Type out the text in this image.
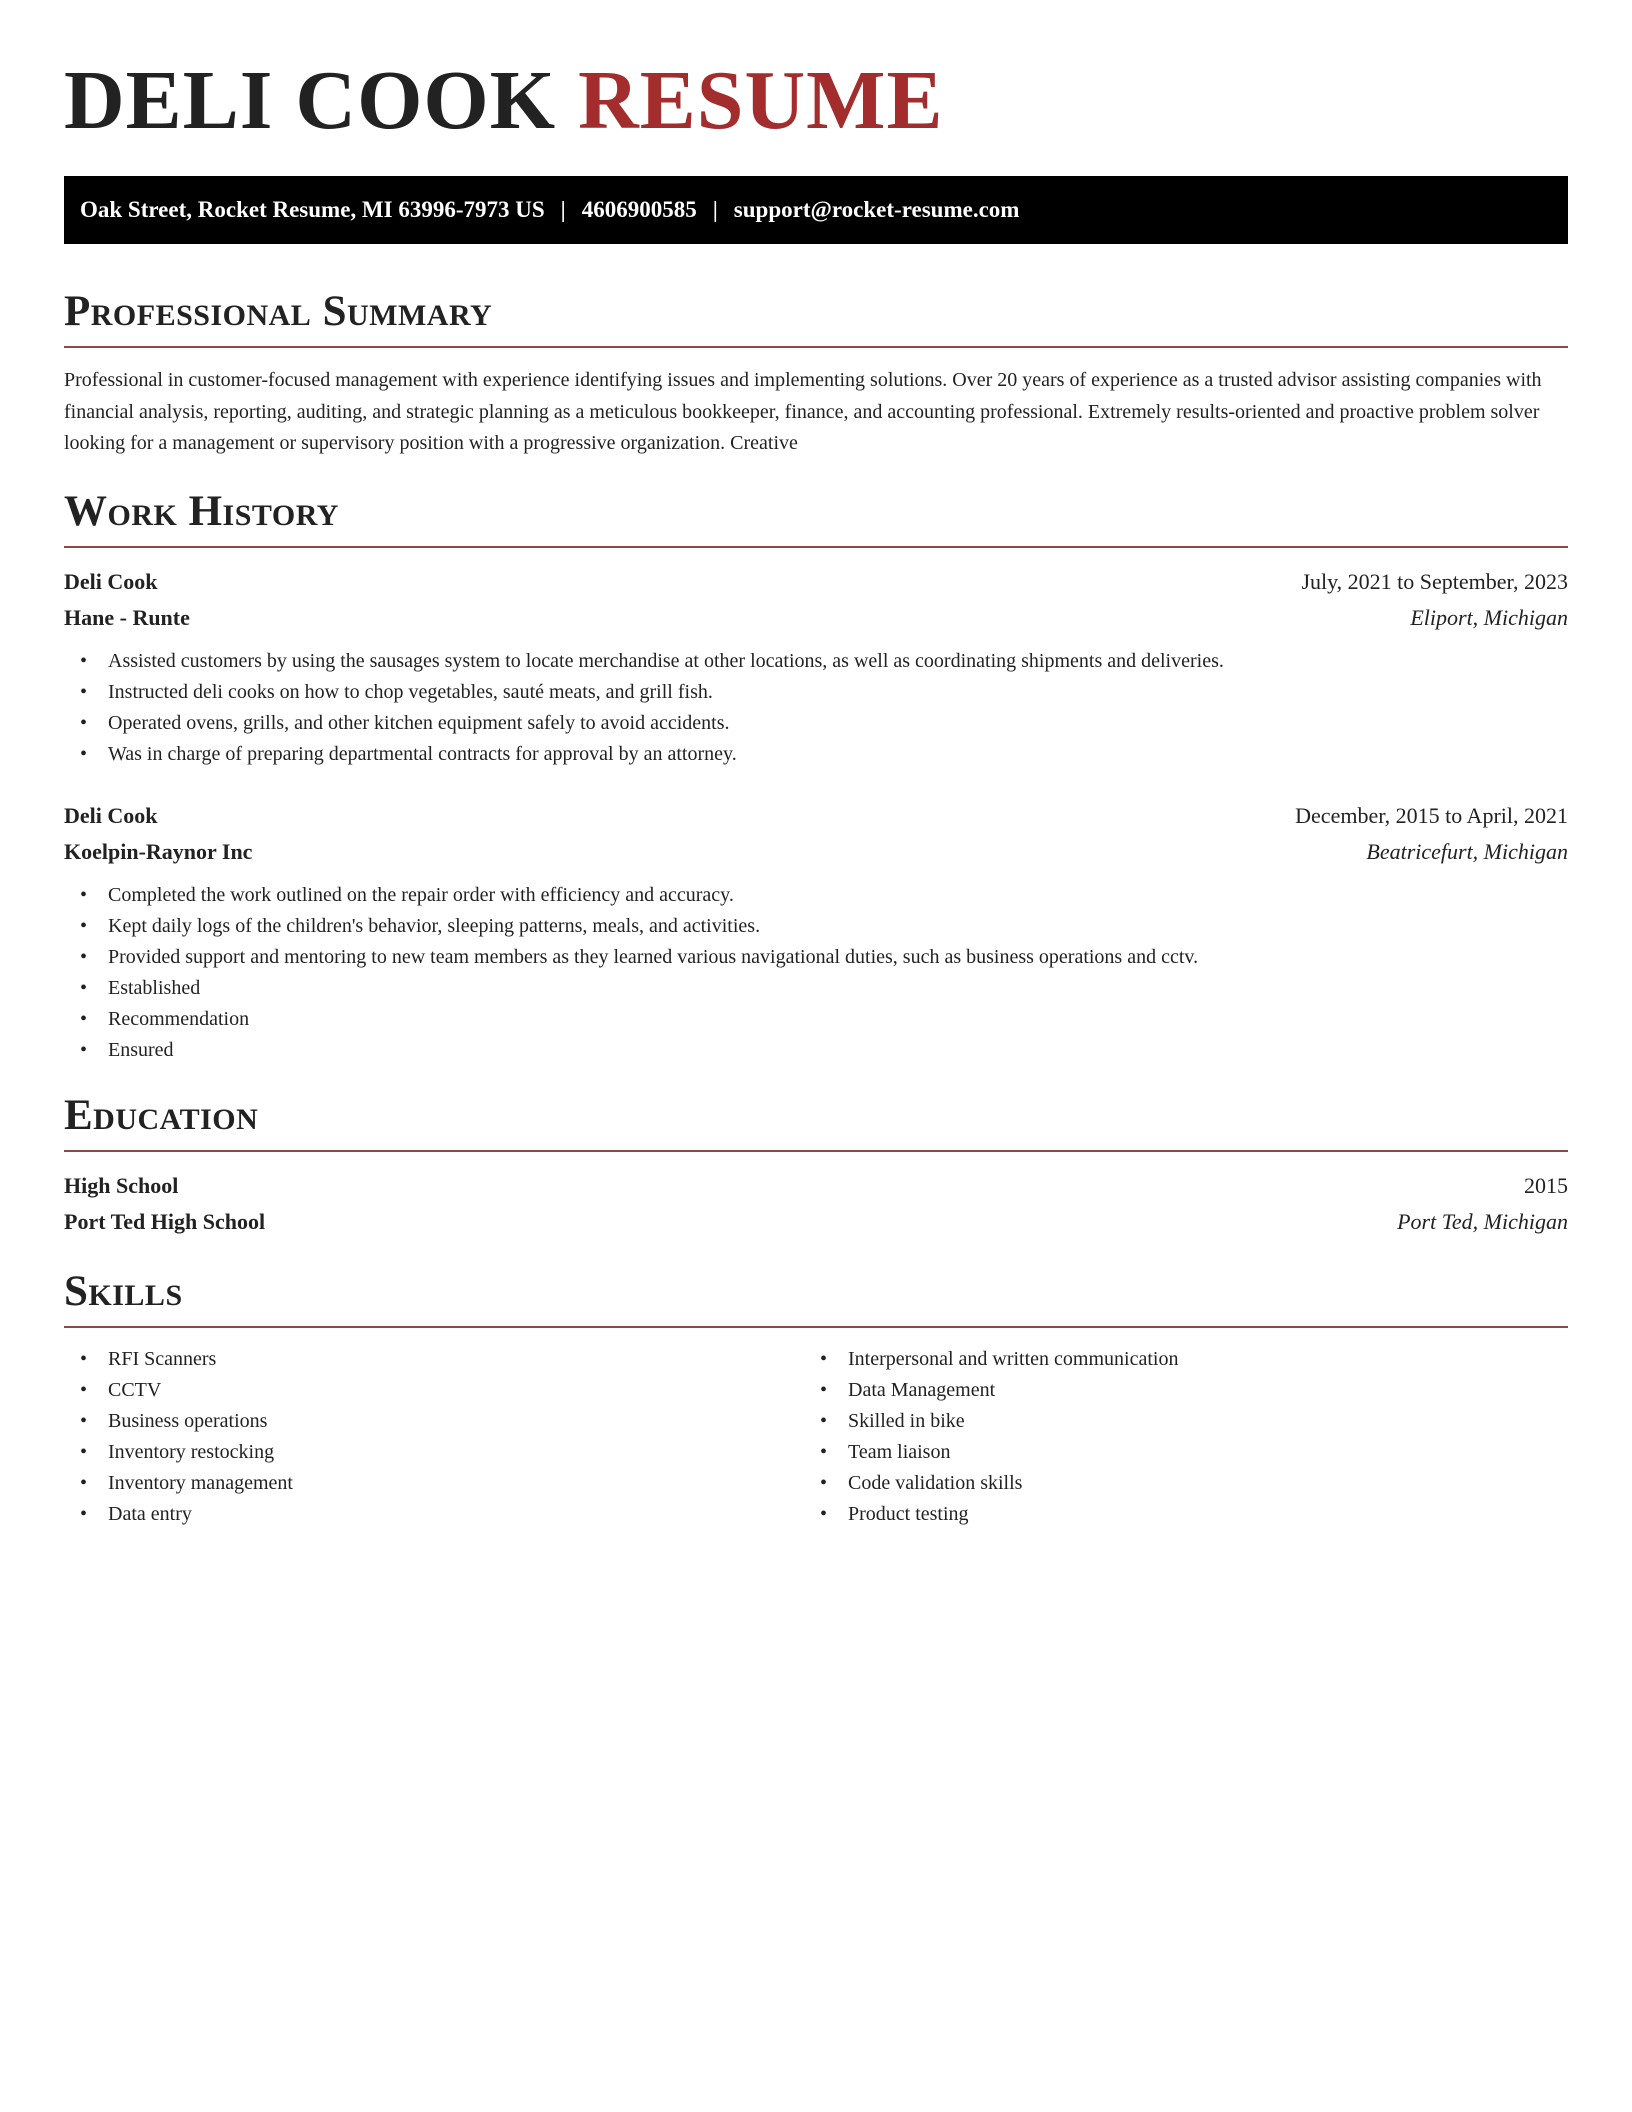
DELI COOK RESUME
Oak Street, Rocket Resume, MI 63996-7973 US | 4606900585 | support@rocket-resume.com
Professional Summary

Professional in customer-focused management with experience identifying issues and implementing solutions. Over 20 years of experience as a trusted advisor assisting companies with financial analysis, reporting, auditing, and strategic planning as a meticulous bookkeeper, finance, and accounting professional. Extremely results-oriented and proactive problem solver looking for a management or supervisory position with a progressive organization. Creative

Work History
Deli Cook	July, 2021 to September, 2023
Hane - Runte	Eliport, Michigan
• Assisted customers by using the sausages system to locate merchandise at other locations, as well as coordinating shipments and deliveries.
• Instructed deli cooks on how to chop vegetables, sauté meats, and grill fish.
• Operated ovens, grills, and other kitchen equipment safely to avoid accidents.
• Was in charge of preparing departmental contracts for approval by an attorney.
Deli Cook	December, 2015 to April, 2021
Koelpin-Raynor Inc	Beatricefurt, Michigan
• Completed the work outlined on the repair order with efficiency and accuracy.
• Kept daily logs of the children's behavior, sleeping patterns, meals, and activities.
• Provided support and mentoring to new team members as they learned various navigational duties, such as business operations and cctv.
• Established
• Recommendation
• Ensured
Education
High School	2015
Port Ted High School	Port Ted, Michigan
Skills
• RFI Scanners
• CCTV
• Business operations
• Inventory restocking
• Inventory management
• Data entry
• Interpersonal and written communication
• Data Management
• Skilled in bike
• Team liaison
• Code validation skills
• Product testing
